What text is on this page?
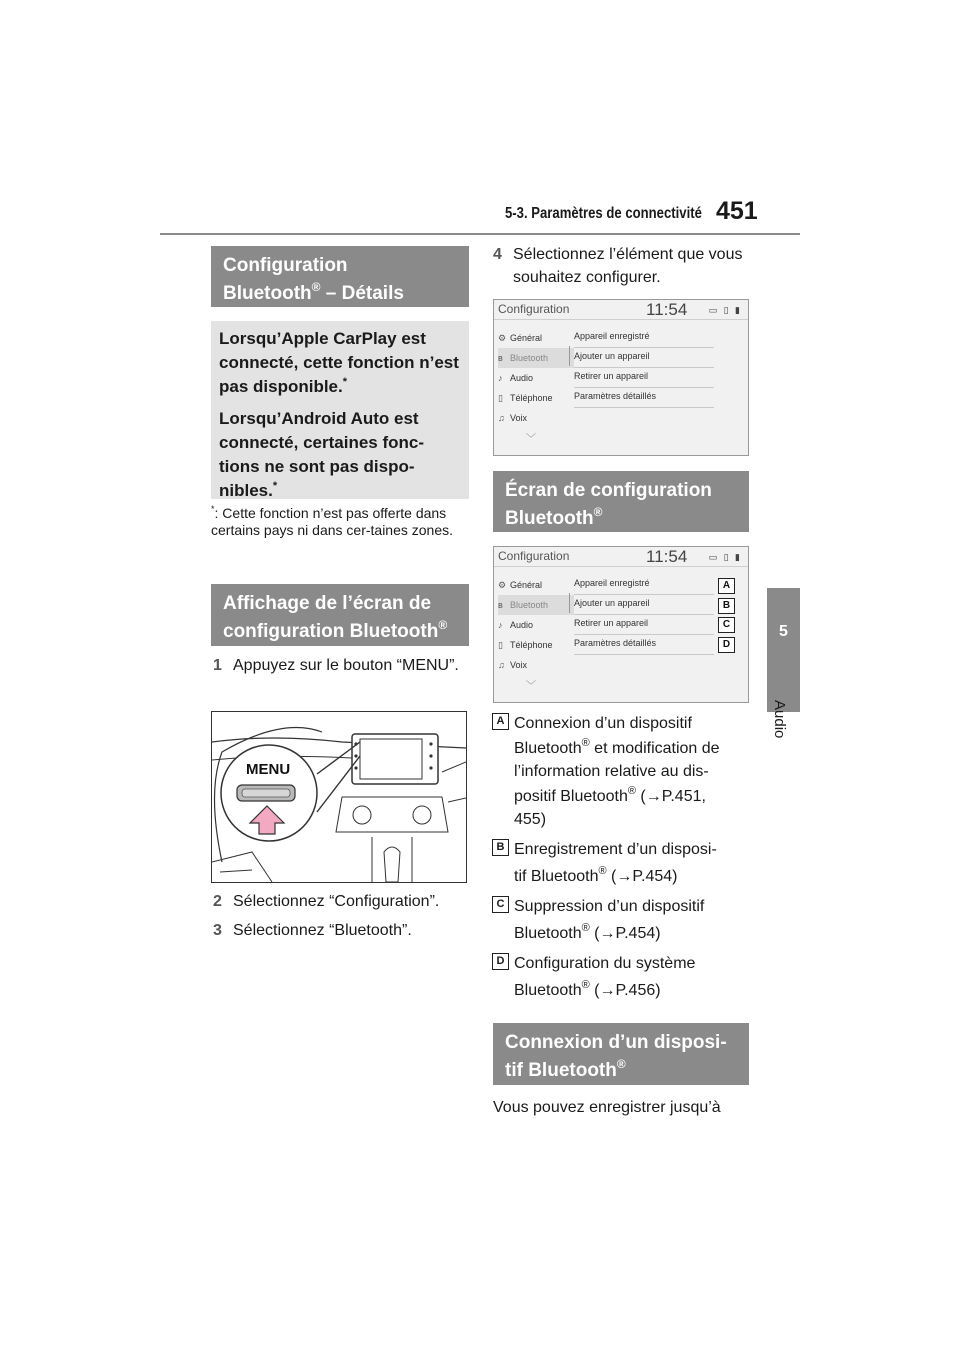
5-3. Paramètres de connectivité 451
5
Audio
Configuration
Bluetooth® – Détails

Lorsqu’Apple CarPlay est connecté, cette fonction n’est pas disponible.*

Lorsqu’Android Auto est connecté, certaines fonc-tions ne sont pas dispo-nibles.*

*: Cette fonction n’est pas offerte dans certains pays ni dans cer-taines zones.
Affichage de l’écran de
configuration Bluetooth®
1 Appuyez sur le bouton “MENU”.
MENU
2 Sélectionnez “Configuration”.
3 Sélectionnez “Bluetooth”.
4 Sélectionnez l’élément que vous souhaitez configurer.
Configuration	11:54 ▭ ▯ ▮
⚙ Général
ʙ Bluetooth
♪ Audio
▯ Téléphone
♫ Voix
﹀
Appareil enregistré
Ajouter un appareil
Retirer un appareil
Paramètres détaillés
Écran de configuration
Bluetooth®
Configuration	11:54 ▭ ▯ ▮
⚙ Général
ʙ Bluetooth
♪ Audio
▯ Téléphone
♫ Voix
﹀
Appareil enregistré
Ajouter un appareil
Retirer un appareil
Paramètres détaillés
A
B
C
D
A Connexion d’un dispositif
Bluetooth® et modification de
l’information relative au dis-
positif Bluetooth® (→P.451,
455)
B Enregistrement d’un disposi-
tif Bluetooth® (→P.454)
C Suppression d’un dispositif
Bluetooth® (→P.454)
D Configuration du système
Bluetooth® (→P.456)
Connexion d’un disposi-
tif Bluetooth®
Vous pouvez enregistrer jusqu’à
